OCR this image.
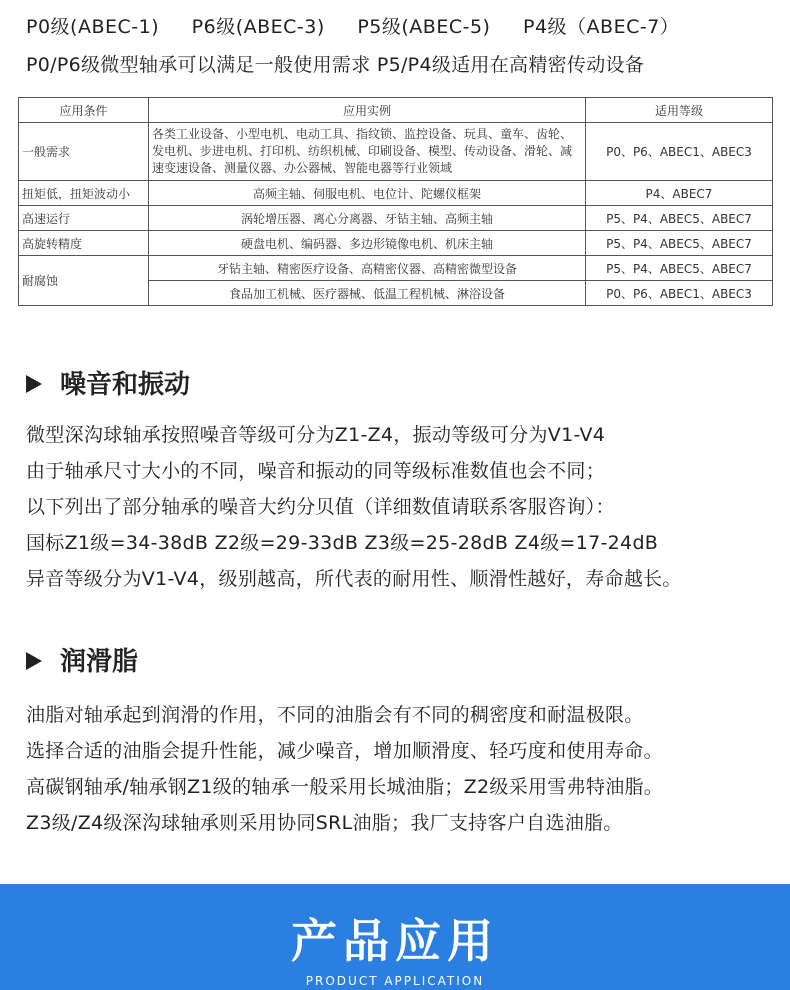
P0级(ABEC-1) P6级(ABEC-3) P5级(ABEC-5) P4级（ABEC-7）
P0/P6级微型轴承可以满足一般使用需求 P5/P4级适用在高精密传动设备
应用条件	应用实例	适用等级
一般需求	各类工业设备、小型电机、电动工具、指纹锁、监控设备、玩具、童车、齿轮、发电机、步进电机、打印机、纺织机械、印刷设备、模型、传动设备、滑轮、减速变速设备、测量仪器、办公器械、智能电器等行业领域	P0、P6、ABEC1、ABEC3
扭矩低，扭矩波动小	高频主轴、伺服电机、电位计、陀螺仪框架	P4、ABEC7
高速运行	涡轮增压器、离心分离器、牙钻主轴、高频主轴	P5、P4、ABEC5、ABEC7
高旋转精度	硬盘电机、编码器、多边形镜像电机、机床主轴	P5、P4、ABEC5、ABEC7
耐腐蚀	牙钻主轴、精密医疗设备、高精密仪器、高精密微型设备	P5、P4、ABEC5、ABEC7
	食品加工机械、医疗器械、低温工程机械、淋浴设备	P0、P6、ABEC1、ABEC3
噪音和振动
微型深沟球轴承按照噪音等级可分为Z1-Z4，振动等级可分为V1-V4
由于轴承尺寸大小的不同，噪音和振动的同等级标准数值也会不同；
以下列出了部分轴承的噪音大约分贝值（详细数值请联系客服咨询）：
国标Z1级=34-38dB Z2级=29-33dB Z3级=25-28dB Z4级=17-24dB
异音等级分为V1-V4，级别越高，所代表的耐用性、顺滑性越好，寿命越长。
润滑脂
油脂对轴承起到润滑的作用，不同的油脂会有不同的稠密度和耐温极限。
选择合适的油脂会提升性能，减少噪音，增加顺滑度、轻巧度和使用寿命。
高碳钢轴承/轴承钢Z1级的轴承一般采用长城油脂；Z2级采用雪弗特油脂。
Z3级/Z4级深沟球轴承则采用协同SRL油脂；我厂支持客户自选油脂。
产品应用
PRODUCT APPLICATION
